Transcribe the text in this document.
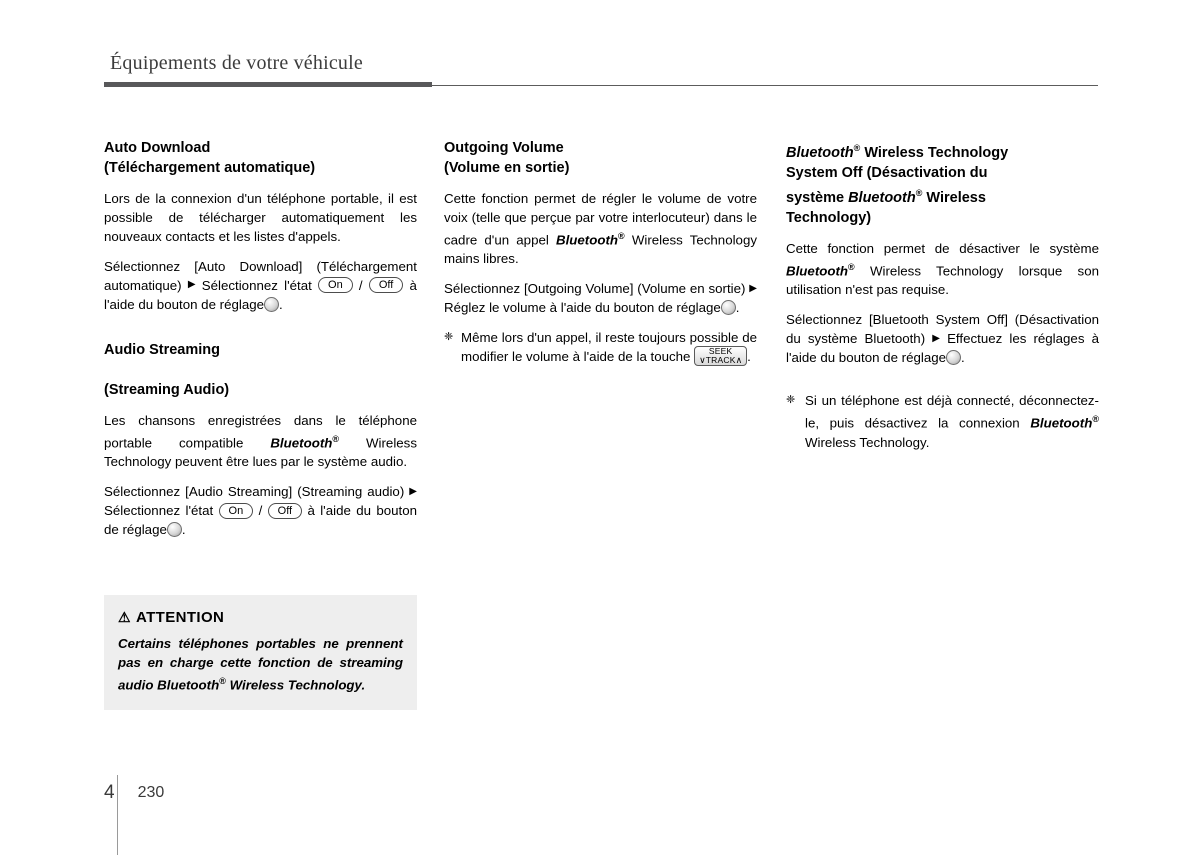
Équipements de votre véhicule
Auto Download
(Téléchargement automatique)

Lors de la connexion d'un téléphone portable, il est possible de télécharger automatiquement les nouveaux contacts et les listes d'appels.

Sélectionnez [Auto Download] (Téléchargement automatique) ▶ Sélectionnez l'état On / Off à l'aide du bouton de réglage .

Audio Streaming

(Streaming Audio)

Les chansons enregistrées dans le téléphone portable compatible Bluetooth® Wireless Technology peuvent être lues par le système audio.

Sélectionnez [Audio Streaming] (Streaming audio) ▶ Sélectionnez l'état On / Off à l'aide du bouton de réglage .

⚠ ATTENTION
Certains téléphones portables ne prennent pas en charge cette fonction de streaming audio Bluetooth® Wireless Technology.
Outgoing Volume
(Volume en sortie)

Cette fonction permet de régler le volume de votre voix (telle que perçue par votre interlocuteur) dans le cadre d'un appel Bluetooth® Wireless Technology mains libres.

Sélectionnez [Outgoing Volume] (Volume en sortie) ▶ Réglez le volume à l'aide du bouton de réglage .

❈ Même lors d'un appel, il reste toujours possible de modifier le volume à l'aide de la touche ∨
SEEK
TRACK ∧ .
Bluetooth® Wireless Technology
System Off (Désactivation du
système Bluetooth® Wireless
Technology)

Cette fonction permet de désactiver le système Bluetooth® Wireless Technology lorsque son utilisation n'est pas requise.

Sélectionnez [Bluetooth System Off] (Désactivation du système Bluetooth) ▶ Effectuez les réglages à l'aide du bouton de réglage .

❈ Si un téléphone est déjà connecté, déconnectez-le, puis désactivez la connexion Bluetooth® Wireless Technology.
4 230
